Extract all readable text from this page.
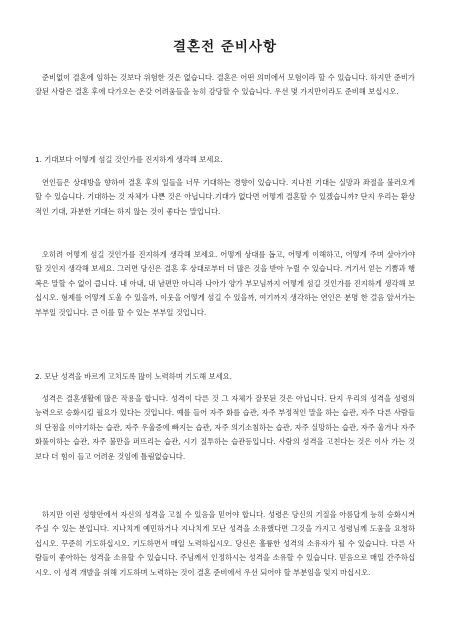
결혼전 준비사항

준비없이 결혼에 임하는 것보다 위험한 것은 없습니다. 결혼은 어떤 의미에서 모험이라 할 수 있습니다. 하지만 준비가 잘된 사람은 결혼 후에 다가오는 온갖 어려움들을 능히 감당할 수 있습니다. 우선 몇 가지만이라도 준비해 보십시오.

1. 기대보다 어떻게 섬길 것인가를 진지하게 생각해 보세요.

연인들은 상대방을 향하여 결혼 후의 일들을 너무 기대하는 경향이 있습니다. 지나친 기대는 실망과 좌절을 불러오게 할 수 있습니다. 기대하는 것 자체가 나쁜 것은 아닙니다.기대가 없다면 어떻게 결혼할 수 있겠습니까? 단지 우리는 환상적인 기대, 과분한 기대는 하지 않는 것이 좋다는 말입니다.

오히려 어떻게 섬길 것인가를 진지하게 생각해 보세요. 어떻게 상대를 돕고, 어떻게 이해하고, 어떻게 주며 살아가야 할 것인지 생각해 보세요. 그러면 당신은 결혼 후 상대로부터 더 많은 것을 받아 누릴 수 있습니다. 거기서 얻는 기쁨과 행복은 말할 수 없이 큽니다. 내 아내, 내 남편만 아니라 나아가 양가 부모님까지 어떻게 섬길 것인가를 진지하게 생각해 보십시오. 형제를 어떻게 도울 수 있을까, 이웃을 어떻게 섬길 수 있을까, 여기까지 생각하는 연인은 분명 한 걸음 앞서가는 부부일 것입니다. 큰 이를 할 수 있는 부부일 것입니다.

2. 모난 성격을 바르게 고치도록 많이 노력하며 기도해 보세요.

성격은 결혼생활에 많은 작용을 합니다. 성격이 다른 것 그 자체가 잘못된 것은 아닙니다. 단지 우리의 성격을 성령의 능력으로 승화시킬 필요가 있다는 것입니다. 예를 들어 자주 화를 습관, 자주 부정적인 말을 하는 습관, 자주 다른 사람들의 단점을 이야기하는 습관, 자주 우울증에 빠지는 습관, 자주 의기소침하는 습관, 자주 실망하는 습관, 자주 울거나 자주 화풀이하는 습관, 자주 불만을 퍼뜨리는 습관, 시기 질투하는 습관등입니다. 사람의 성격을 고친다는 것은 이사 가는 것보다 더 힘이 들고 어려운 것임에 틀림없습니다.

하지만 이런 성향안에서 자신의 성격을 고칠 수 있음을 믿어야 합니다. 성령은 당신의 기질을 아름답게 능히 승화시켜 주실 수 있는 분입니다. 지나치게 예민하거나 지나치게 모난 성격을 소유했다면 그것을 가지고 성령님께 도움을 요청하십시오. 꾸준히 기도하십시오. 기도하면서 매일 노력하십시오. 당신은 훌륭한 성격의 소유자가 될 수 있습니다. 다른 사람들이 좋아하는 성격을 소유할 수 있습니다. 주님께서 인정하시는 성격을 소유할 수 있습니다. 믿음으로 매일 간주하십시오. 이 성격 개발을 위해 기도하며 노력하는 것이 결혼 준비에서 우선 되어야 할 부분임을 잊지 마십시오.
